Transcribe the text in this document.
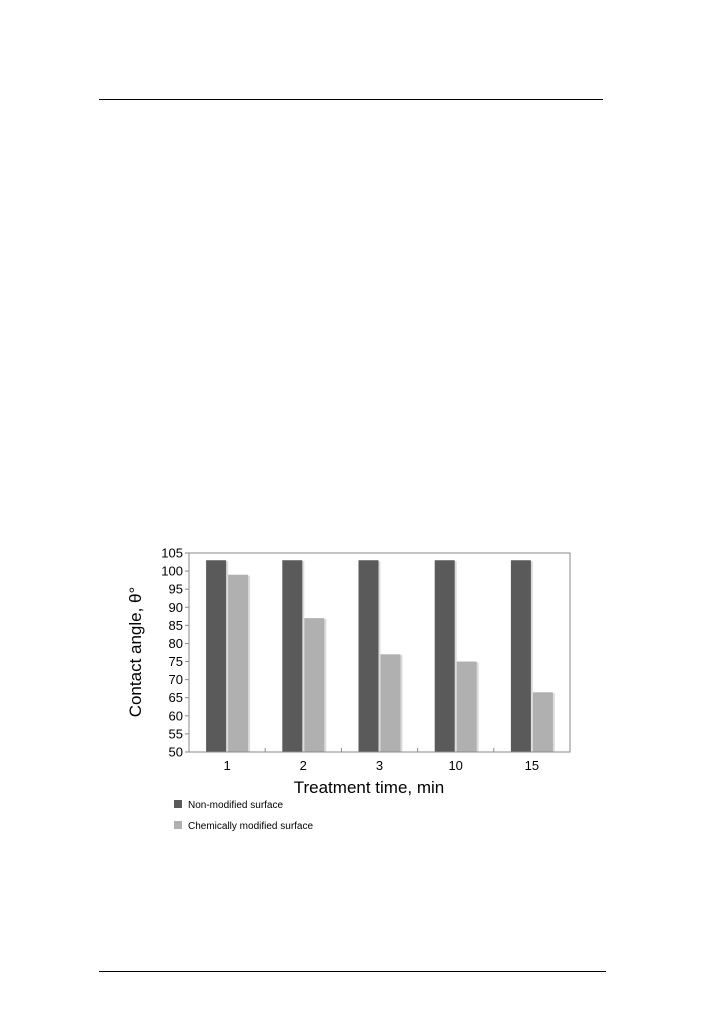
50
55
60
65
70
75
80
85
90
95
100
105
1	2	3	10	15
Contact angle, θ°
Treatment time, min
Non-modified surface
Chemically modified surface
